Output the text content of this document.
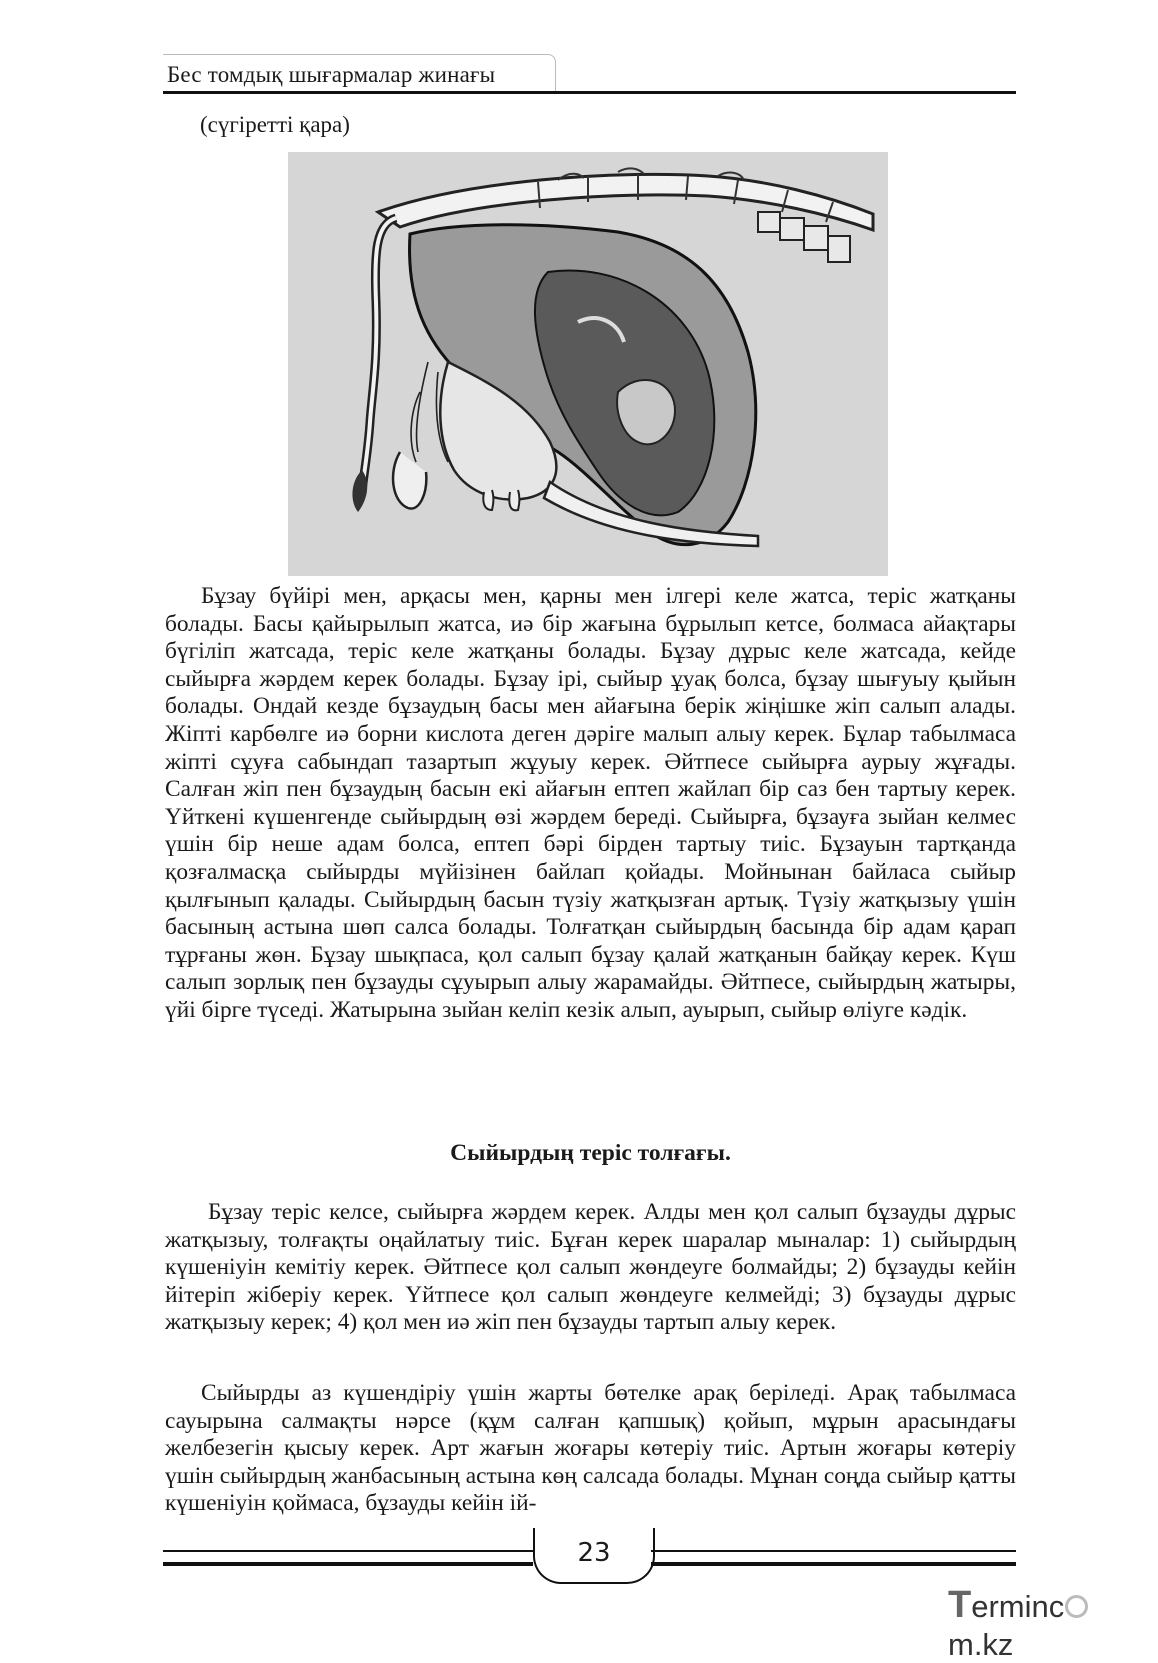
Бес томдық шығармалар жинағы
(сүгіретті қара)

Бұзау бүйірі мен, арқасы мен, қарны мен ілгері келе жатса, теріс жатқаны болады. Басы қайырылып жатса, иә бір жағына бұрылып кетсе, болмаса айақтары бүгіліп жатсада, теріс келе жатқаны болады. Бұзау дұрыс келе жатсада, кейде сыйырға жәрдем керек болады. Бұзау ірі, сыйыр ұуақ болса, бұзау шығуыу қыйын болады. Ондай кезде бұзаудың басы мен айағына берік жіңішке жіп салып алады. Жіпті карбөлге иә борни кислота деген дәріге малып алыу керек. Бұлар табылмаса жіпті сұуға сабындап тазартып жұуыу керек. Әйтпесе сыйырға аурыу жұғады. Салған жіп пен бұзаудың басын екі айағын ептеп жайлап бір саз бен тартыу керек. Үйткені күшенгенде сыйырдың өзі жәрдем береді. Сыйырға, бұзауға зыйан келмес үшін бір неше адам болса, ептеп бәрі бірден тартыу тиіс. Бұзауын тартқанда қозғалмасқа сыйырды мүйізінен байлап қойады. Мойнынан байласа сыйыр қылғынып қалады. Сыйырдың басын түзіу жатқызған артық. Түзіу жатқызыу үшін басының астына шөп салса болады. Толғатқан сыйырдың басында бір адам қарап тұрғаны жөн. Бұзау шықпаса, қол салып бұзау қалай жатқанын байқау керек. Күш салып зорлық пен бұзауды сұуырып алыу жарамайды. Әйтпесе, сыйырдың жатыры, үйі бірге түседі. Жатырына зыйан келіп кезік алып, ауырып, сыйыр өліуге кәдік.

Сыйырдың теріс толғағы.

Бұзау теріс келсе, сыйырға жәрдем керек. Алды мен қол салып бұзауды дұрыс жатқызыу, толғақты оңайлатыу тиіс. Бұған керек шаралар мыналар: 1) сыйырдың күшеніуін кемітіу керек. Әйтпесе қол салып жөндеуге болмайды; 2) бұзауды кейін йітеріп жіберіу керек. Үйтпесе қол салып жөндеуге келмейді; 3) бұзауды дұрыс жатқызыу керек; 4) қол мен иә жіп пен бұзауды тартып алыу керек.

Сыйырды аз күшендіріу үшін жарты бөтелке арақ беріледі. Арақ табылмаса сауырына салмақты нәрсе (құм салған қапшық) қойып, мұрын арасындағы желбезегін қысыу керек. Арт жағын жоғары көтеріу тиіс. Артын жоғары көтеріу үшін сыйырдың жанбасының астына көң салсада болады. Мұнан соңда сыйыр қатты күшеніуін қоймаса, бұзауды кейін ій-

23
Termincm.kz
